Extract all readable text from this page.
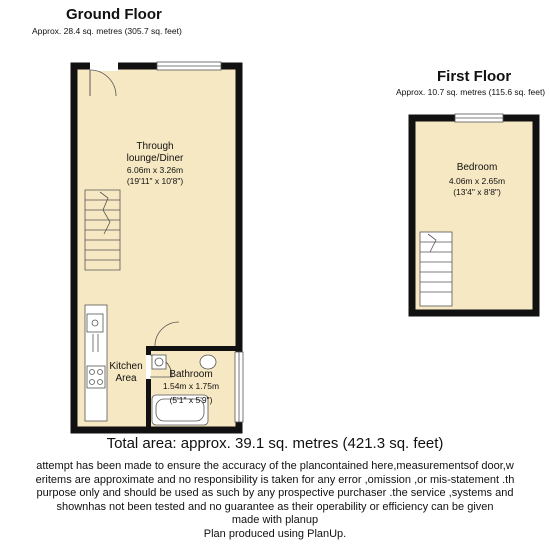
Ground Floor
Approx. 28.4 sq. metres (305.7 sq. feet)
First Floor
Approx. 10.7 sq. metres (115.6 sq. feet)
Through
lounge/Diner
6.06m x 3.26m
(19'11" x 10'8")
Kitchen
Area	Bathroom
1.54m x 1.75m
(5'1" x 5'9")
Bedroom
4.06m x 2.65m
(13'4" x 8'8")
Total area: approx. 39.1 sq. metres (421.3 sq. feet)
attempt has been made to ensure the accuracy of the plancontained here,measurementsof door,w
eritems are approximate and no responsibility is taken for any error ,omission ,or mis-statement .th
purpose only and should be used as such by any prospective purchaser .the service ,systems and
shownhas not been tested and no guarantee as their operability or efficiency can be given
made with planup
Plan produced using PlanUp.
